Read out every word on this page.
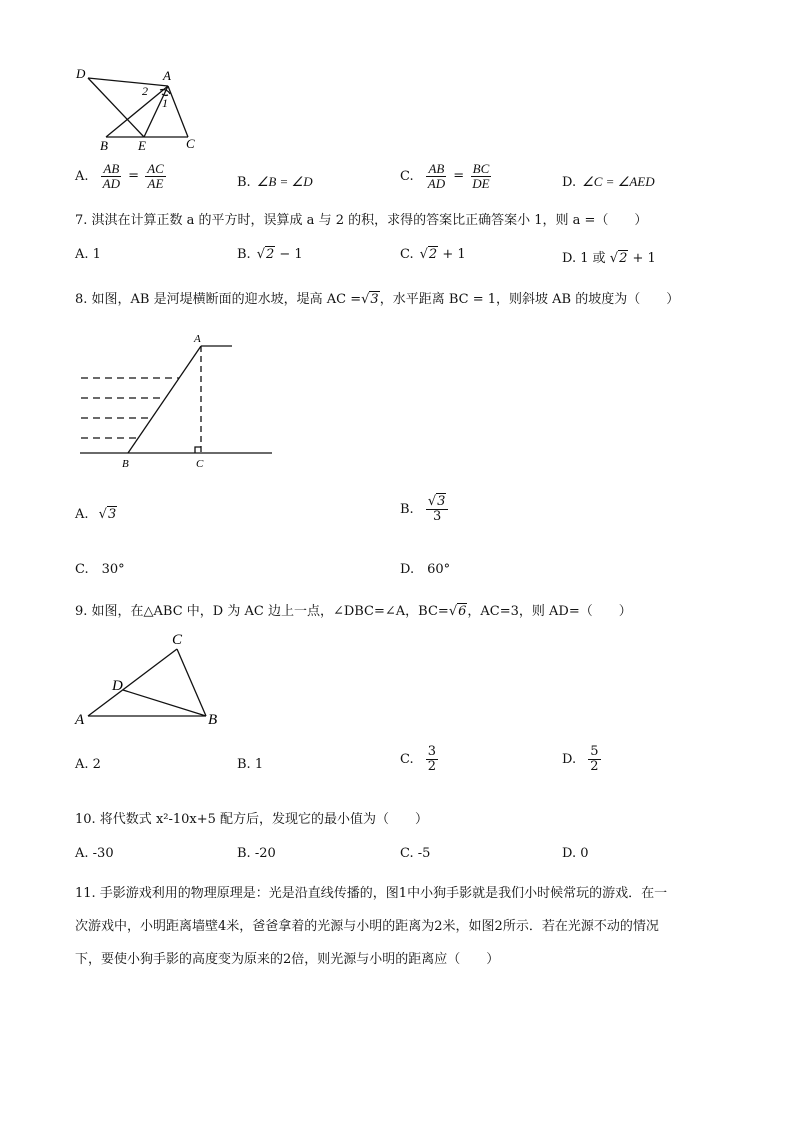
D	A
2
1
B E	C
A. $\frac{AB}{AD} = \frac{AC}{AE}$	B. ∠B = ∠D	C. $\frac{AB}{AD} = \frac{BC}{DE}$	D. ∠C = ∠AED
7. 淇淇在计算正数 a 的平方时，误算成 a 与 2 的积，求得的答案比正确答案小 1，则 a =（　　）
A. 1	B. √2 − 1	C. √2 + 1	D. 1 或 √2 + 1
8. 如图，AB 是河堤横断面的迎水坡，堤高 AC =√3，水平距离 BC = 1，则斜坡 AB 的坡度为（　　）
A
B	C
A. √3	B. $\frac{√3}{3}$
C.　30°	D.　60°
9. 如图，在△ABC 中，D 为 AC 边上一点，∠DBC=∠A，BC=√6，AC=3，则 AD=（　　）
C
D
A	B
A. 2	B. 1	C. $\frac{3}{2}$	D. $\frac{5}{2}$
10. 将代数式 x²-10x+5 配方后，发现它的最小值为（　　）
A. -30	B. -20	C. -5	D. 0
11. 手影游戏利用的物理原理是：光是沿直线传播的，图1中小狗手影就是我们小时候常玩的游戏．在一
次游戏中，小明距离墙壁4米，爸爸拿着的光源与小明的距离为2米，如图2所示．若在光源不动的情况
下，要使小狗手影的高度变为原来的2倍，则光源与小明的距离应（　　）
